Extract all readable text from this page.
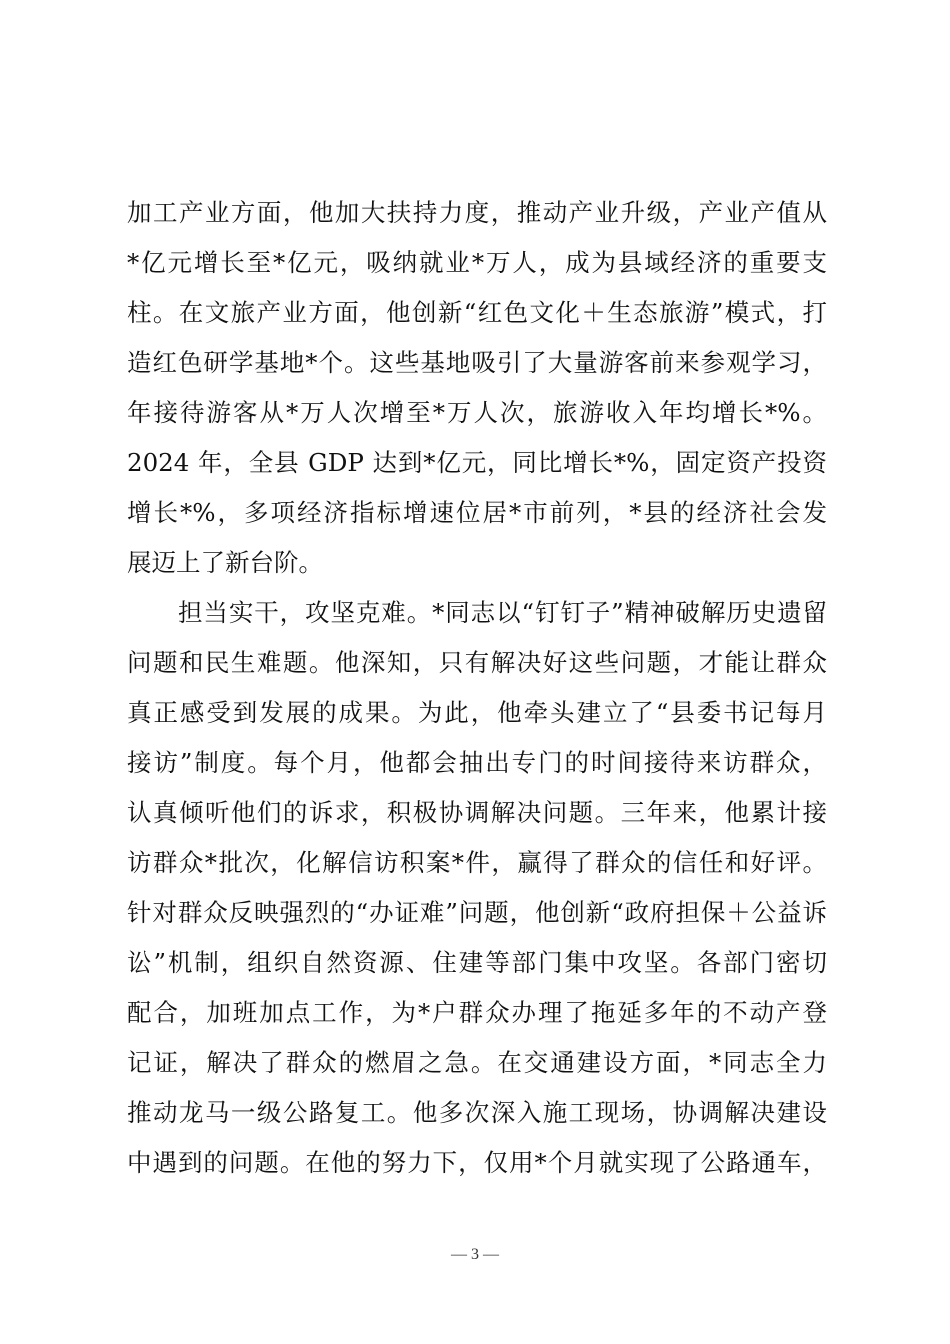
加工产业方面，他加大扶持力度，推动产业升级，产业产值从
*亿元增长至*亿元，吸纳就业*万人，成为县域经济的重要支
柱。在文旅产业方面，他创新“红色文化＋生态旅游”模式，打
造红色研学基地*个。这些基地吸引了大量游客前来参观学习，
年接待游客从*万人次增至*万人次，旅游收入年均增长*%。
2024 年，全县 GDP 达到*亿元，同比增长*%，固定资产投资
增长*%，多项经济指标增速位居*市前列，*县的经济社会发
展迈上了新台阶。
担当实干，攻坚克难。*同志以“钉钉子”精神破解历史遗留
问题和民生难题。他深知，只有解决好这些问题，才能让群众
真正感受到发展的成果。为此，他牵头建立了“县委书记每月
接访”制度。每个月，他都会抽出专门的时间接待来访群众，
认真倾听他们的诉求，积极协调解决问题。三年来，他累计接
访群众*批次，化解信访积案*件，赢得了群众的信任和好评。
针对群众反映强烈的“办证难”问题，他创新“政府担保＋公益诉
讼”机制，组织自然资源、住建等部门集中攻坚。各部门密切
配合，加班加点工作，为*户群众办理了拖延多年的不动产登
记证，解决了群众的燃眉之急。在交通建设方面，*同志全力
推动龙马一级公路复工。他多次深入施工现场，协调解决建设
中遇到的问题。在他的努力下，仅用*个月就实现了公路通车，
— 3 —
